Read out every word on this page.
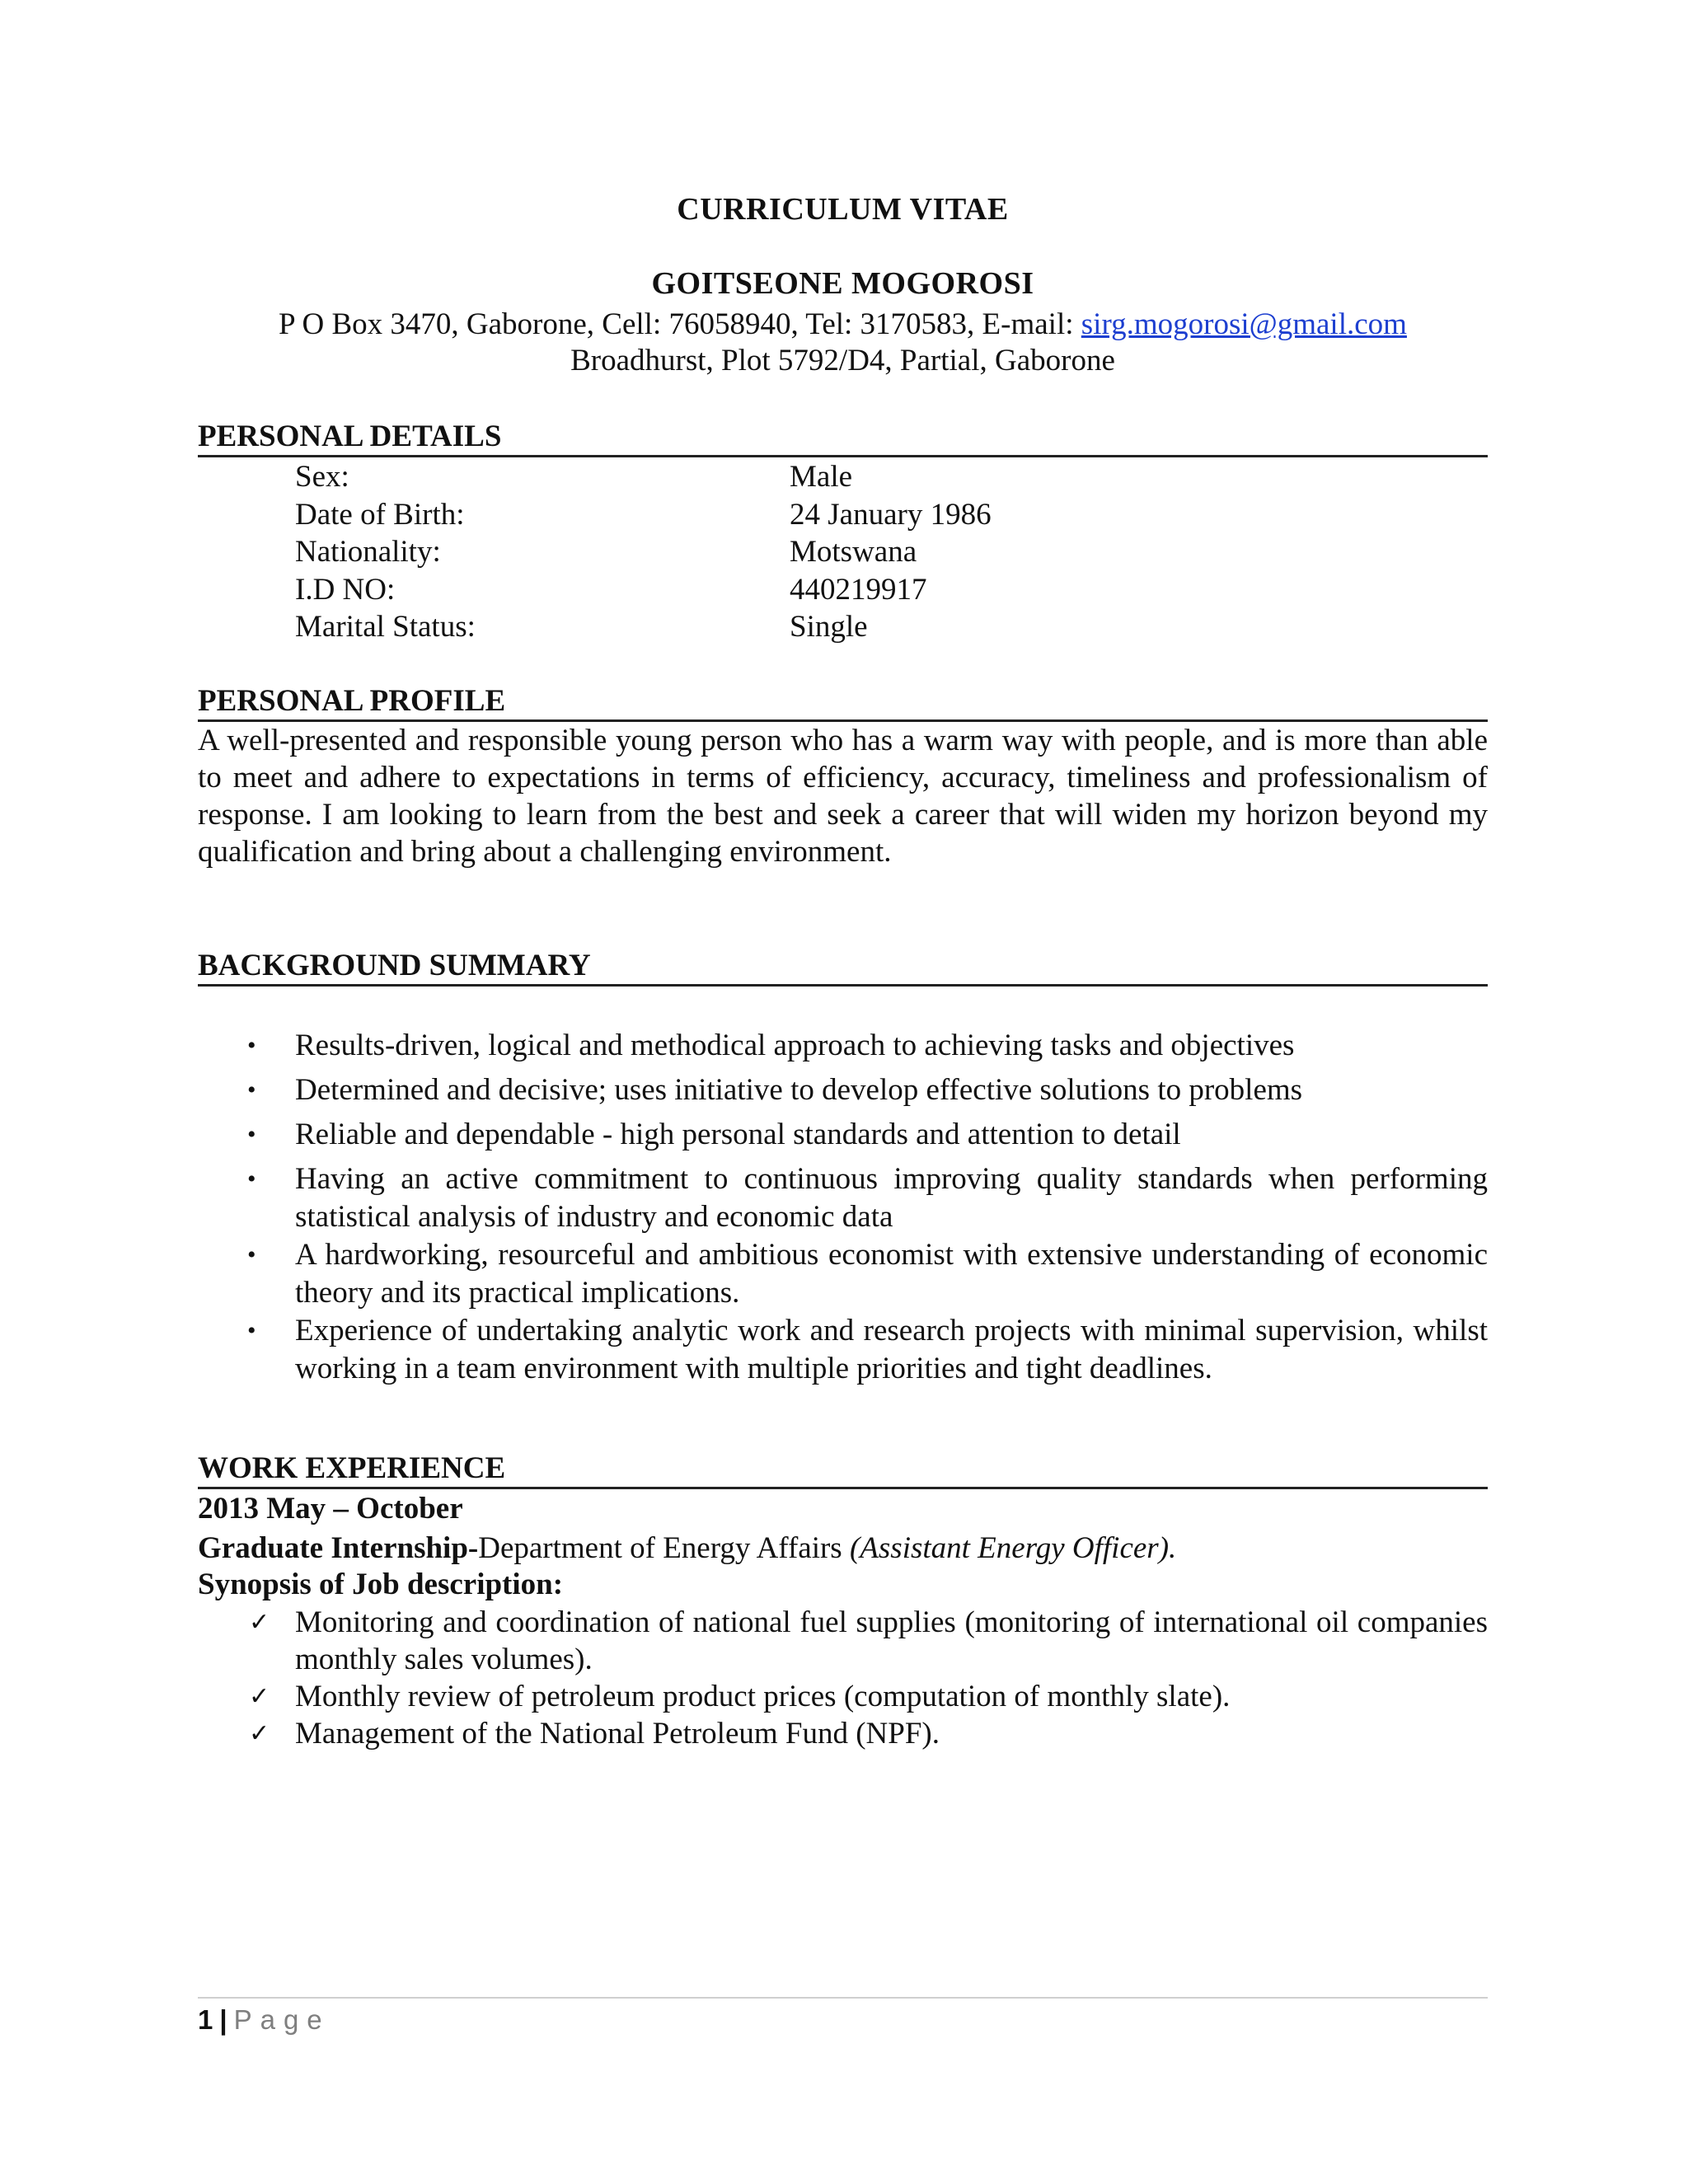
CURRICULUM VITAE
GOITSEONE MOGOROSI
P O Box 3470, Gaborone, Cell: 76058940, Tel: 3170583, E-mail: sirg.mogorosi@gmail.com
Broadhurst, Plot 5792/D4, Partial, Gaborone
PERSONAL DETAILS
Sex:	Male
Date of Birth:	24 January 1986
Nationality:	Motswana
I.D NO:	440219917
Marital Status:	Single
PERSONAL PROFILE
A well-presented and responsible young person who has a warm way with people, and is more than able to meet and adhere to expectations in terms of efficiency, accuracy, timeliness and professionalism of response. I am looking to learn from the best and seek a career that will widen my horizon beyond my qualification and bring about a challenging environment.
BACKGROUND SUMMARY
• Results-driven, logical and methodical approach to achieving tasks and objectives
• Determined and decisive; uses initiative to develop effective solutions to problems
• Reliable and dependable - high personal standards and attention to detail
• Having an active commitment to continuous improving quality standards when performing statistical analysis of industry and economic data
• A hardworking, resourceful and ambitious economist with extensive understanding of economic theory and its practical implications.
• Experience of undertaking analytic work and research projects with minimal supervision, whilst working in a team environment with multiple priorities and tight deadlines.
WORK EXPERIENCE
2013 May – October
Graduate Internship-Department of Energy Affairs (Assistant Energy Officer).
Synopsis of Job description:
✓ Monitoring and coordination of national fuel supplies (monitoring of international oil companies monthly sales volumes).
✓ Monthly review of petroleum product prices (computation of monthly slate).
✓ Management of the National Petroleum Fund (NPF).
1 | Page
